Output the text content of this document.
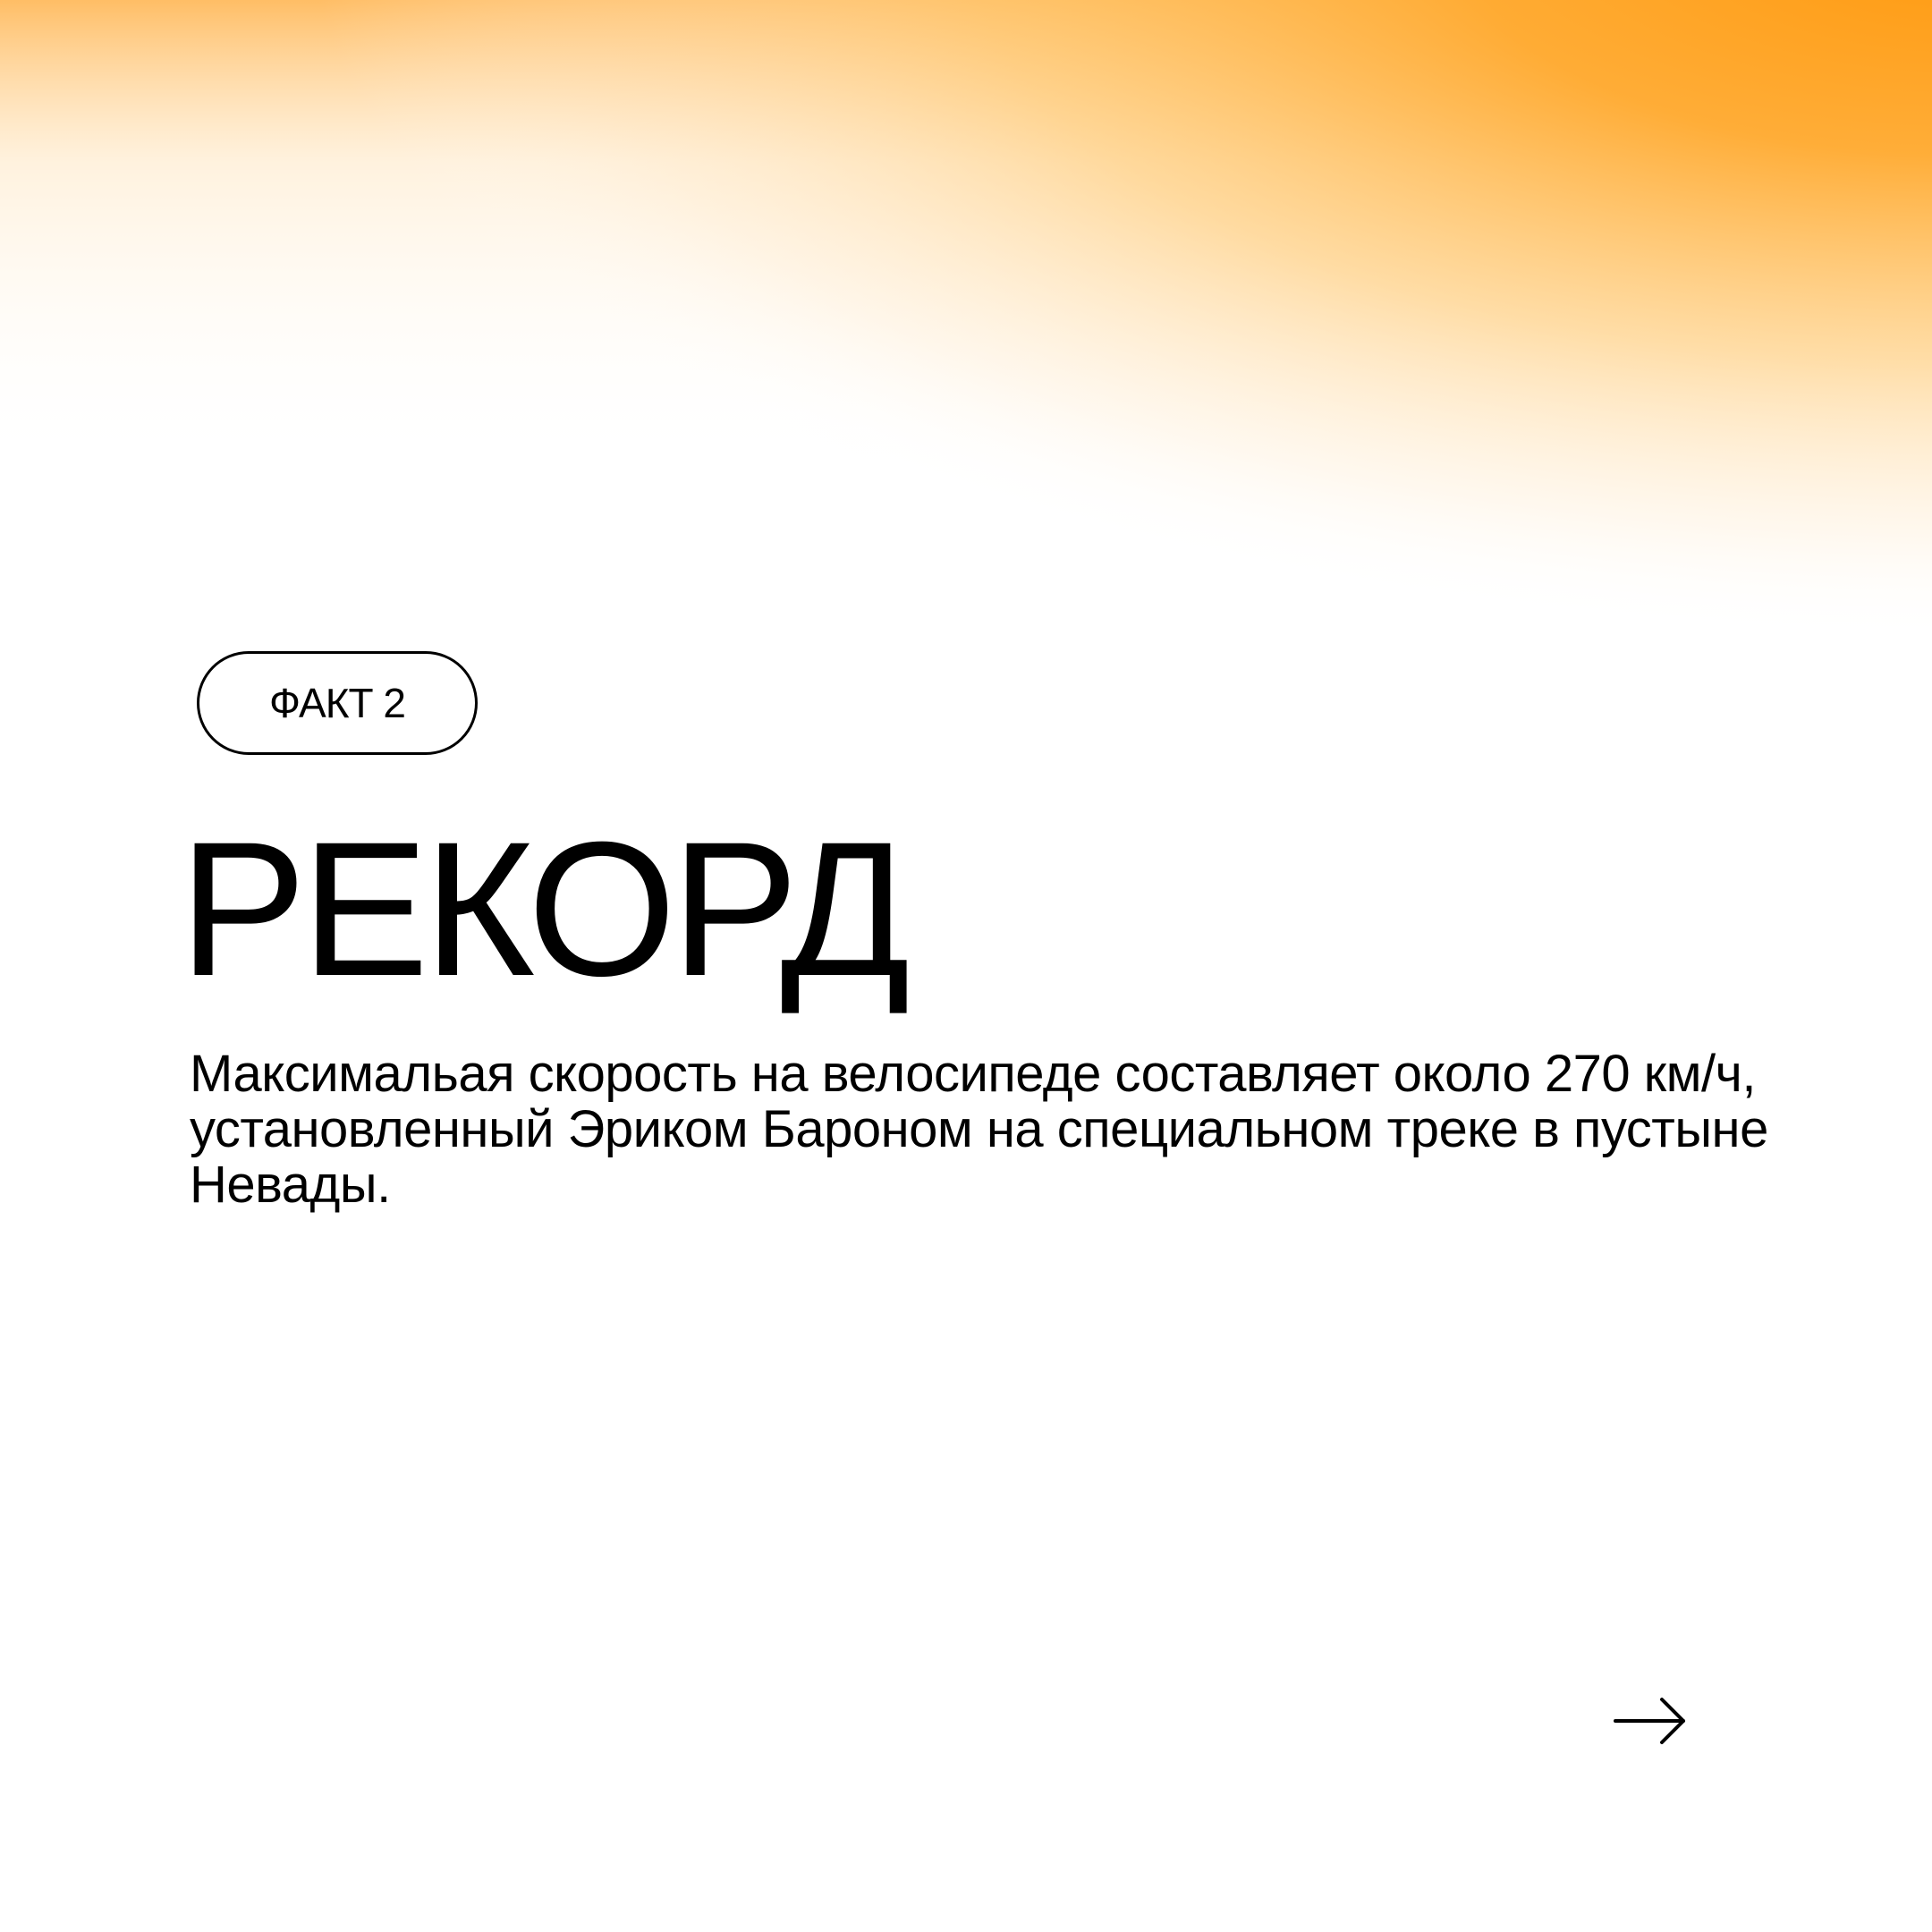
ФАКТ 2
РЕКОРД

Максимальая скорость на велосипеде составляет около 270 км/ч, установленный Эриком Бароном на специальном треке в пустыне Невады.
